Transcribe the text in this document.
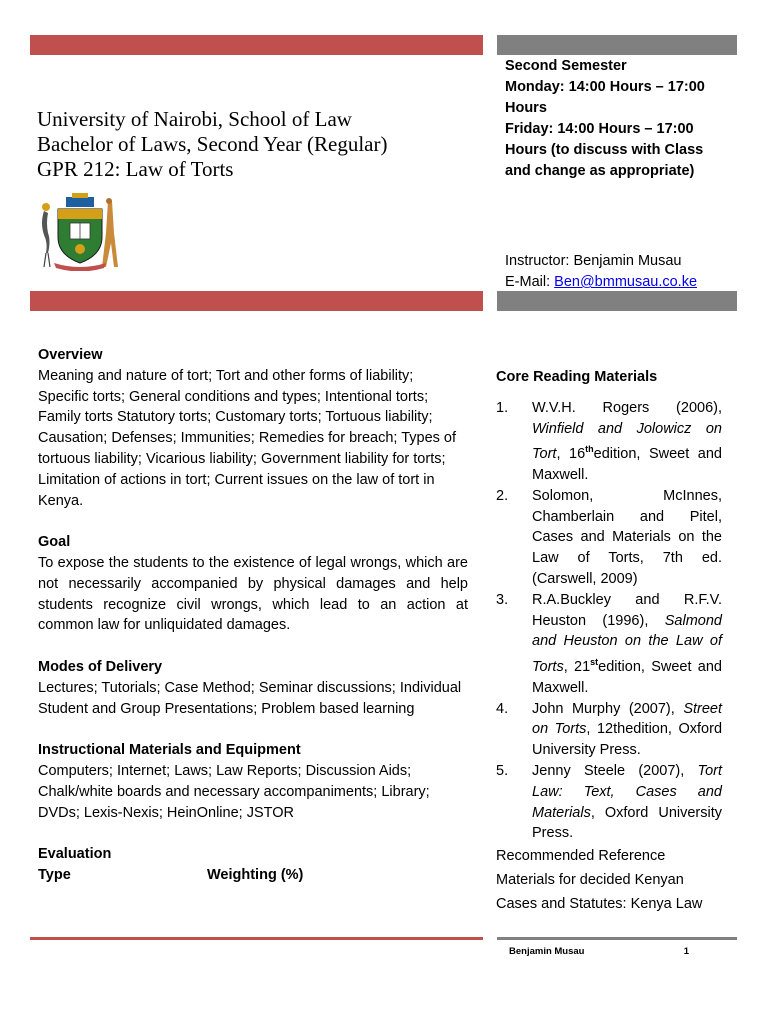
University of Nairobi, School of Law
Bachelor of Laws, Second Year (Regular)
GPR 212: Law of Torts
Second Semester
Monday: 14:00 Hours – 17:00
Hours
Friday: 14:00 Hours – 17:00
Hours (to discuss with Class
and change as appropriate)
Instructor: Benjamin Musau
E-Mail: Ben@bmmusau.co.ke
Overview

Meaning and nature of tort; Tort and other forms of liability; Specific torts; General conditions and types; Intentional torts; Family torts Statutory torts; Customary torts; Tortuous liability; Causation; Defenses; Immunities; Remedies for breach; Types of tortuous liability; Vicarious liability; Government liability for torts; Limitation of actions in tort; Current issues on the law of tort in Kenya.

Goal

To expose the students to the existence of legal wrongs, which are not necessarily accompanied by physical damages and help students recognize civil wrongs, which lead to an action at common law for unliquidated damages.

Modes of Delivery

Lectures; Tutorials; Case Method; Seminar discussions; Individual Student and Group Presentations; Problem based learning

Instructional Materials and Equipment

Computers; Internet; Laws; Law Reports; Discussion Aids; Chalk/white boards and necessary accompaniments; Library; DVDs; Lexis-Nexis; HeinOnline; JSTOR

Evaluation
Type	Weighting (%)
Core Reading Materials
1.	W.V.H. Rogers (2006), Winfield and Jolowicz on Tort, 16thedition, Sweet and Maxwell.
2.	Solomon, McInnes, Chamberlain and Pitel, Cases and Materials on the Law of Torts, 7th ed. (Carswell, 2009)
3.	R.A.Buckley and R.F.V. Heuston (1996), Salmond and Heuston on the Law of Torts, 21stedition, Sweet and Maxwell.
4.	John Murphy (2007), Street on Torts, 12thedition, Oxford University Press.
5.	Jenny Steele (2007), Tort Law: Text, Cases and Materials, Oxford University Press.
Recommended Reference Materials for decided Kenyan Cases and Statutes: Kenya Law
Benjamin Musau	1
